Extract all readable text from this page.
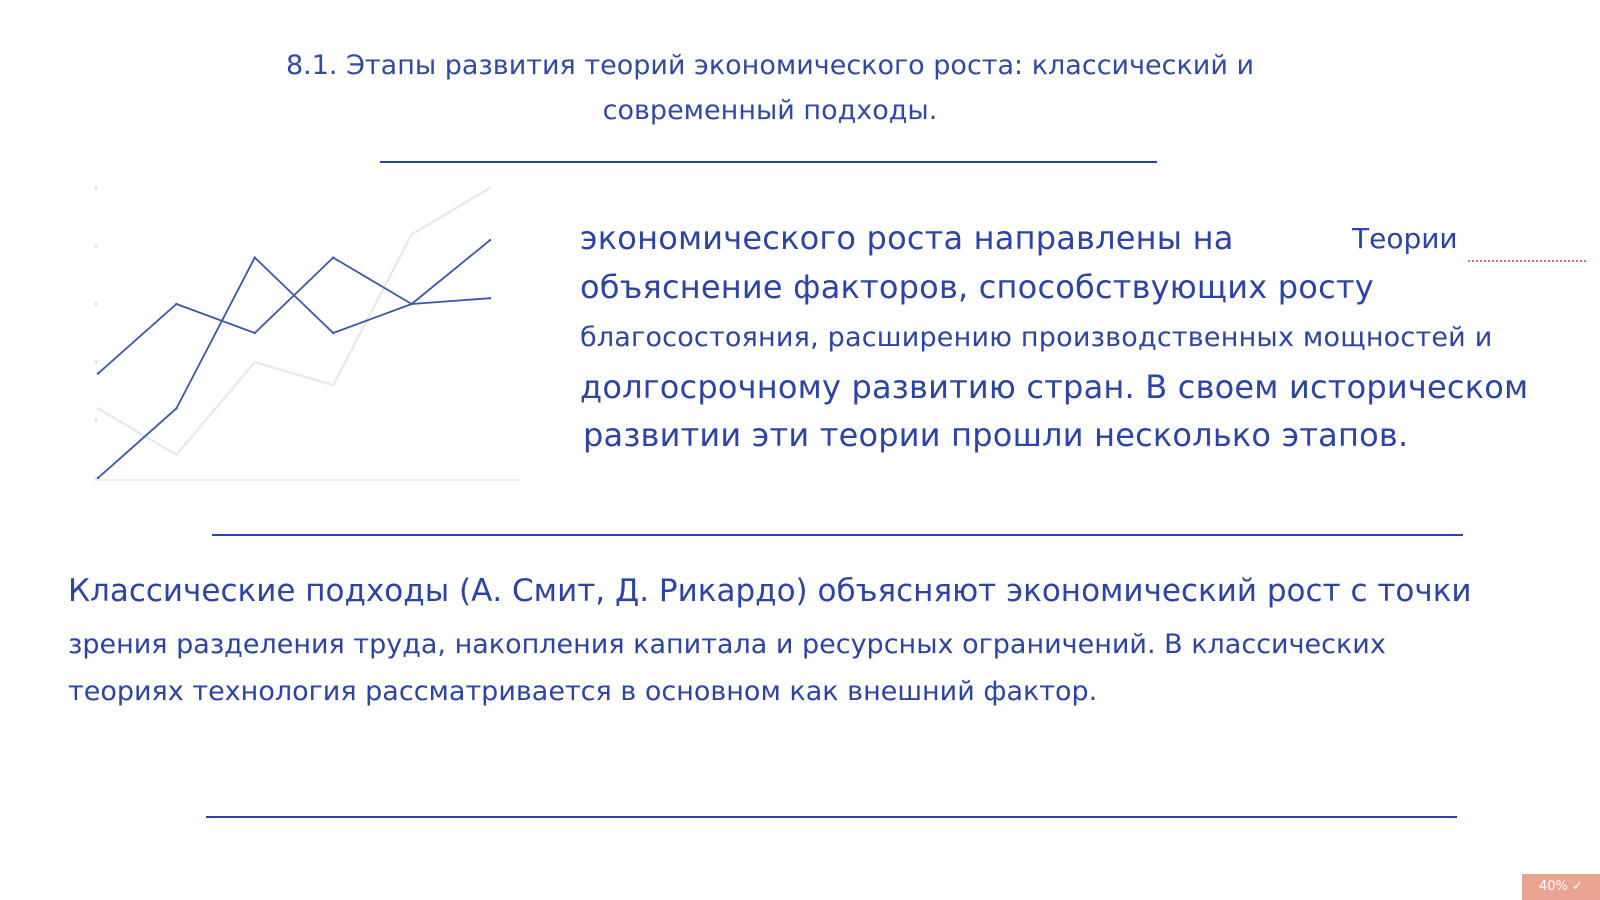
8.1. Этапы развития теорий экономического роста: классический и
современный подходы.
Теории
экономического роста направлены на
объяснение факторов, способствующих росту
благосостояния, расширению производственных мощностей и
долгосрочному развитию стран. В своем историческом
развитии эти теории прошли несколько этапов.
Классические подходы (А. Смит, Д. Рикардо) объясняют экономический рост с точки
зрения разделения труда, накопления капитала и ресурсных ограничений. В классических
теориях технология рассматривается в основном как внешний фактор.
40% ✓
